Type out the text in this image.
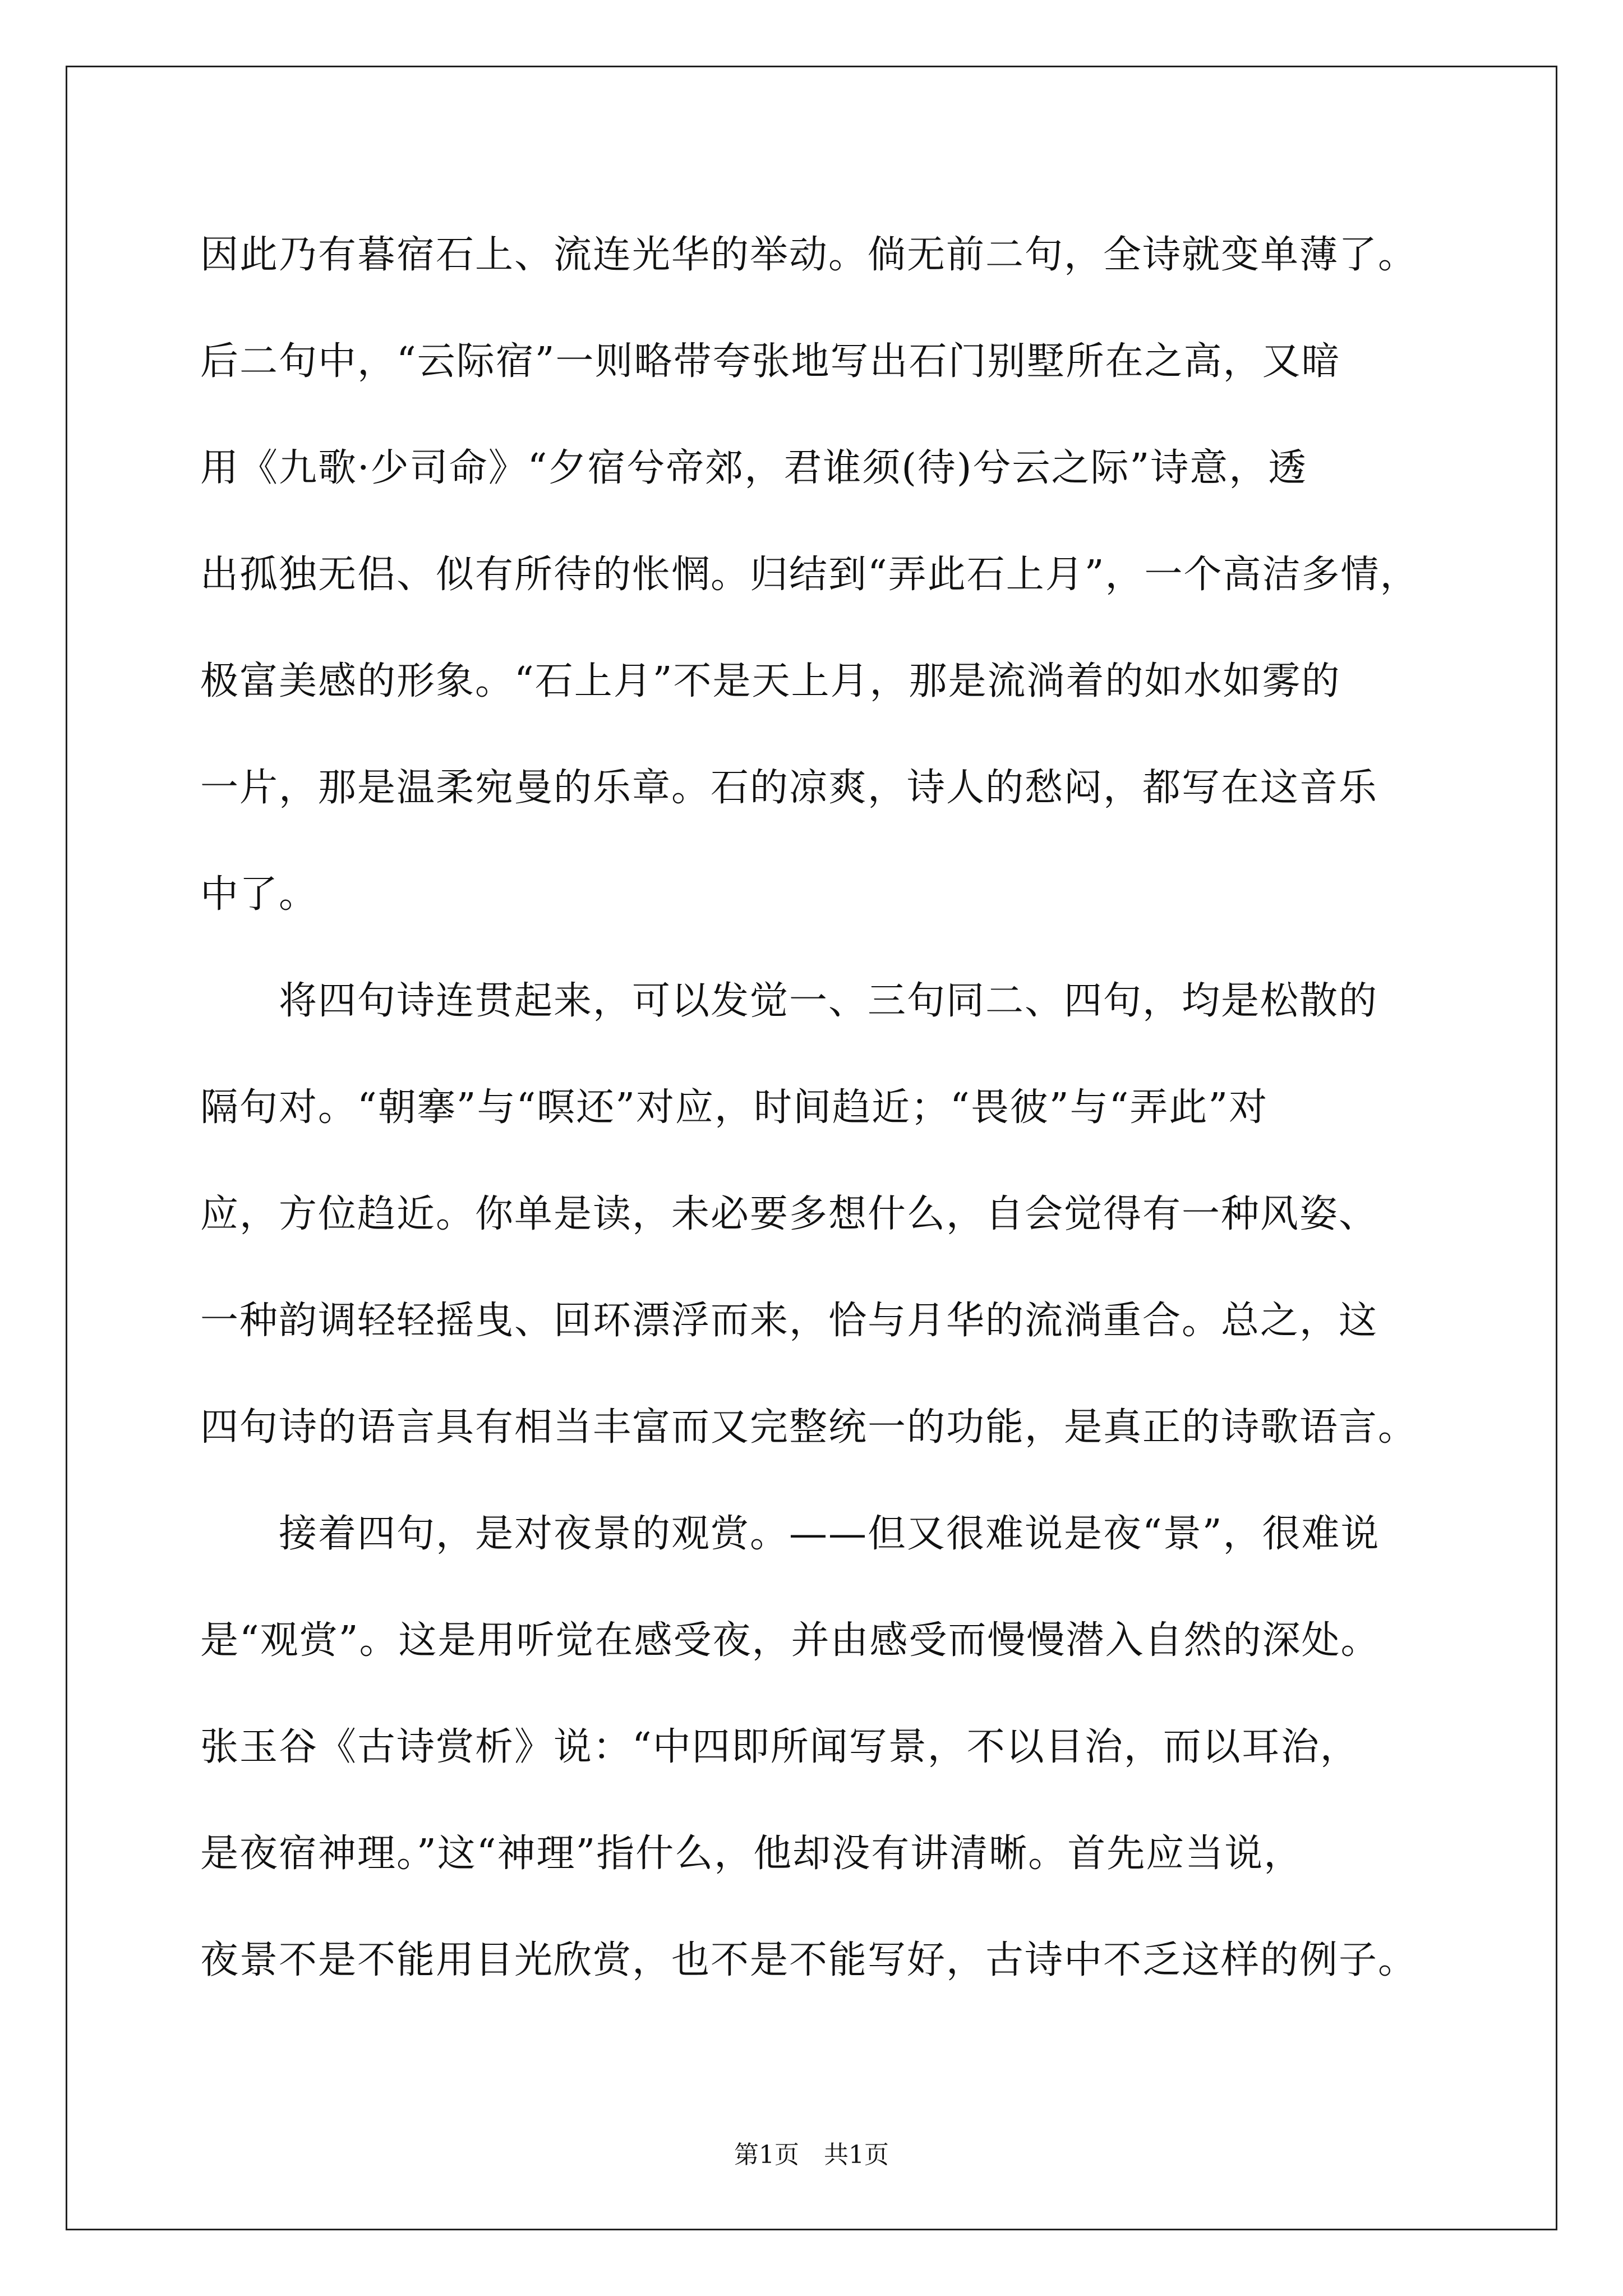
因此乃有暮宿石上、流连光华的举动。倘无前二句，全诗就变单薄了。
后二句中，“云际宿”一则略带夸张地写出石门别墅所在之高，又暗
用《九歌·少司命》“夕宿兮帝郊，君谁须(待)兮云之际”诗意，透
出孤独无侣、似有所待的怅惘。归结到“弄此石上月”，一个高洁多情，
极富美感的形象。“石上月”不是天上月，那是流淌着的如水如雾的
一片，那是温柔宛曼的乐章。石的凉爽，诗人的愁闷，都写在这音乐
中了。
将四句诗连贯起来，可以发觉一、三句同二、四句，均是松散的
隔句对。“朝搴”与“暝还”对应，时间趋近；“畏彼”与“弄此”对
应，方位趋近。你单是读，未必要多想什么，自会觉得有一种风姿、
一种韵调轻轻摇曳、回环漂浮而来，恰与月华的流淌重合。总之，这
四句诗的语言具有相当丰富而又完整统一的功能，是真正的诗歌语言。
接着四句，是对夜景的观赏。——但又很难说是夜“景”，很难说
是“观赏”。这是用听觉在感受夜，并由感受而慢慢潜入自然的深处。
张玉谷《古诗赏析》说：“中四即所闻写景，不以目治，而以耳治，
是夜宿神理。”这“神理”指什么，他却没有讲清晰。首先应当说，
夜景不是不能用目光欣赏，也不是不能写好，古诗中不乏这样的例子。
第1页　共1页
